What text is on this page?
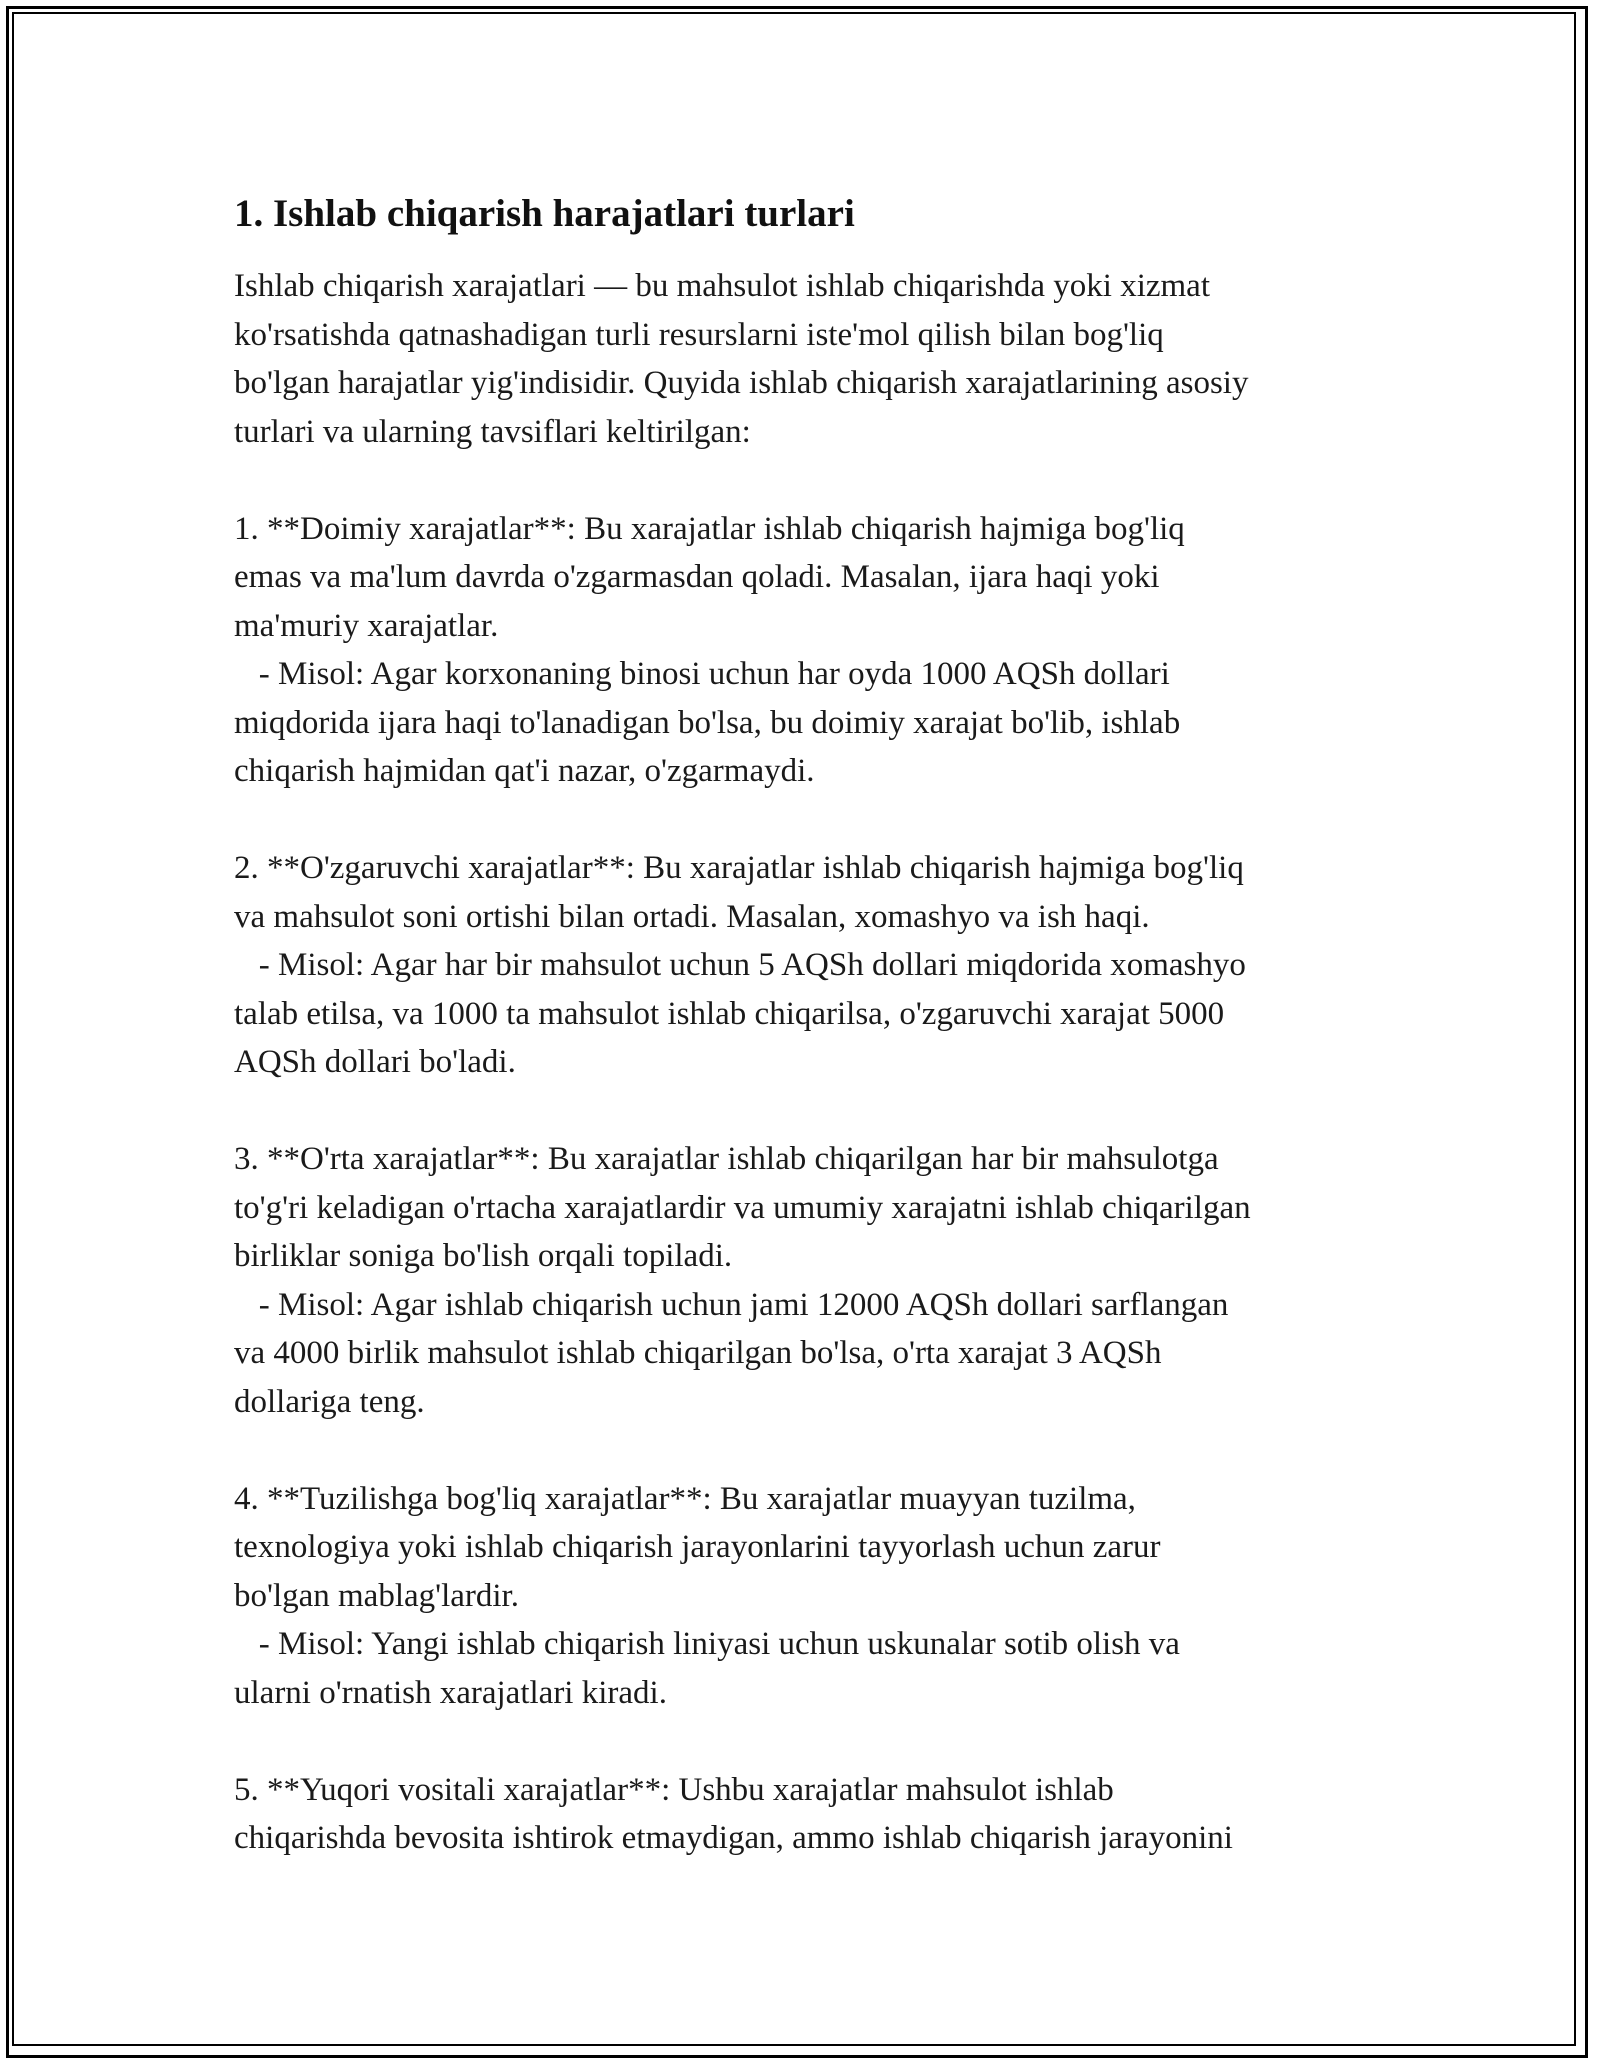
1. Ishlab chiqarish harajatlari turlari

Ishlab chiqarish xarajatlari — bu mahsulot ishlab chiqarishda yoki xizmat
ko'rsatishda qatnashadigan turli resurslarni iste'mol qilish bilan bog'liq
bo'lgan harajatlar yig'indisidir. Quyida ishlab chiqarish xarajatlarining asosiy
turlari va ularning tavsiflari keltirilgan:

1. **Doimiy xarajatlar**: Bu xarajatlar ishlab chiqarish hajmiga bog'liq
emas va ma'lum davrda o'zgarmasdan qoladi. Masalan, ijara haqi yoki
ma'muriy xarajatlar.

- Misol: Agar korxonaning binosi uchun har oyda 1000 AQSh dollari
miqdorida ijara haqi to'lanadigan bo'lsa, bu doimiy xarajat bo'lib, ishlab
chiqarish hajmidan qat'i nazar, o'zgarmaydi.

2. **O'zgaruvchi xarajatlar**: Bu xarajatlar ishlab chiqarish hajmiga bog'liq
va mahsulot soni ortishi bilan ortadi. Masalan, xomashyo va ish haqi.

- Misol: Agar har bir mahsulot uchun 5 AQSh dollari miqdorida xomashyo
talab etilsa, va 1000 ta mahsulot ishlab chiqarilsa, o'zgaruvchi xarajat 5000
AQSh dollari bo'ladi.

3. **O'rta xarajatlar**: Bu xarajatlar ishlab chiqarilgan har bir mahsulotga
to'g'ri keladigan o'rtacha xarajatlardir va umumiy xarajatni ishlab chiqarilgan
birliklar soniga bo'lish orqali topiladi.

- Misol: Agar ishlab chiqarish uchun jami 12000 AQSh dollari sarflangan
va 4000 birlik mahsulot ishlab chiqarilgan bo'lsa, o'rta xarajat 3 AQSh
dollariga teng.

4. **Tuzilishga bog'liq xarajatlar**: Bu xarajatlar muayyan tuzilma,
texnologiya yoki ishlab chiqarish jarayonlarini tayyorlash uchun zarur
bo'lgan mablag'lardir.

- Misol: Yangi ishlab chiqarish liniyasi uchun uskunalar sotib olish va
ularni o'rnatish xarajatlari kiradi.

5. **Yuqori vositali xarajatlar**: Ushbu xarajatlar mahsulot ishlab
chiqarishda bevosita ishtirok etmaydigan, ammo ishlab chiqarish jarayonini
